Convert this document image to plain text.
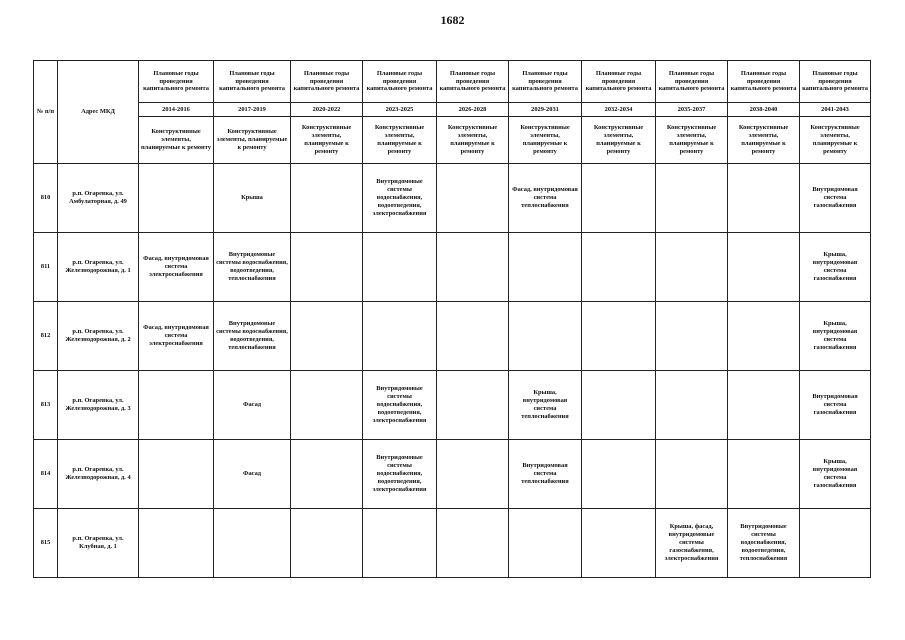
1682
№ п/п	Адрес МКД	Плановые годы проведения капитального ремонта	Плановые годы проведения капитального ремонта	Плановые годы проведения капитального ремонта	Плановые годы проведения капитального ремонта	Плановые годы проведения капитального ремонта	Плановые годы проведения капитального ремонта	Плановые годы проведения капитального ремонта	Плановые годы проведения капитального ремонта	Плановые годы проведения капитального ремонта	Плановые годы проведения капитального ремонта
		2014-2016	2017-2019	2020-2022	2023-2025	2026-2028	2029-2031	2032-2034	2035-2037	2038-2040	2041-2043
		Конструктивные элементы, планируемые к ремонту	Конструктивные элементы, планируемые к ремонту	Конструктивные элементы, планируемые к ремонту	Конструктивные элементы, планируемые к ремонту	Конструктивные элементы, планируемые к ремонту	Конструктивные элементы, планируемые к ремонту	Конструктивные элементы, планируемые к ремонту	Конструктивные элементы, планируемые к ремонту	Конструктивные элементы, планируемые к ремонту	Конструктивные элементы, планируемые к ремонту
810	р.п. Огаревка, ул. Амбулаторная, д. 49		Крыша		Внутридомовые системы водоснабжения, водоотведения, электроснабжения		Фасад, внутридомовая система теплоснабжения				Внутридомовая система газоснабжения
811	р.п. Огаревка, ул. Железнодорожная, д. 1	Фасад, внутридомовая система электроснабжения	Внутридомовые системы водоснабжения, водоотведения, теплоснабжения								Крыша, внутридомовая система газоснабжения
812	р.п. Огаревка, ул. Железнодорожная, д. 2	Фасад, внутридомовая система электроснабжения	Внутридомовые системы водоснабжения, водоотведения, теплоснабжения								Крыша, внутридомовая система газоснабжения
813	р.п. Огаревка, ул. Железнодорожная, д. 3		Фасад		Внутридомовые системы водоснабжения, водоотведения, электроснабжения		Крыша, внутридомовая система теплоснабжения				Внутридомовая система газоснабжения
814	р.п. Огаревка, ул. Железнодорожная, д. 4		Фасад		Внутридомовые системы водоснабжения, водоотведения, электроснабжения		Внутридомовая система теплоснабжения				Крыша, внутридомовая система газоснабжения
815	р.п. Огаревка, ул. Клубная, д. 1								Крыша, фасад, внутридомовые системы газоснабжения, электроснабжения	Внутридомовые системы водоснабжения, водоотведения, теплоснабжения	
